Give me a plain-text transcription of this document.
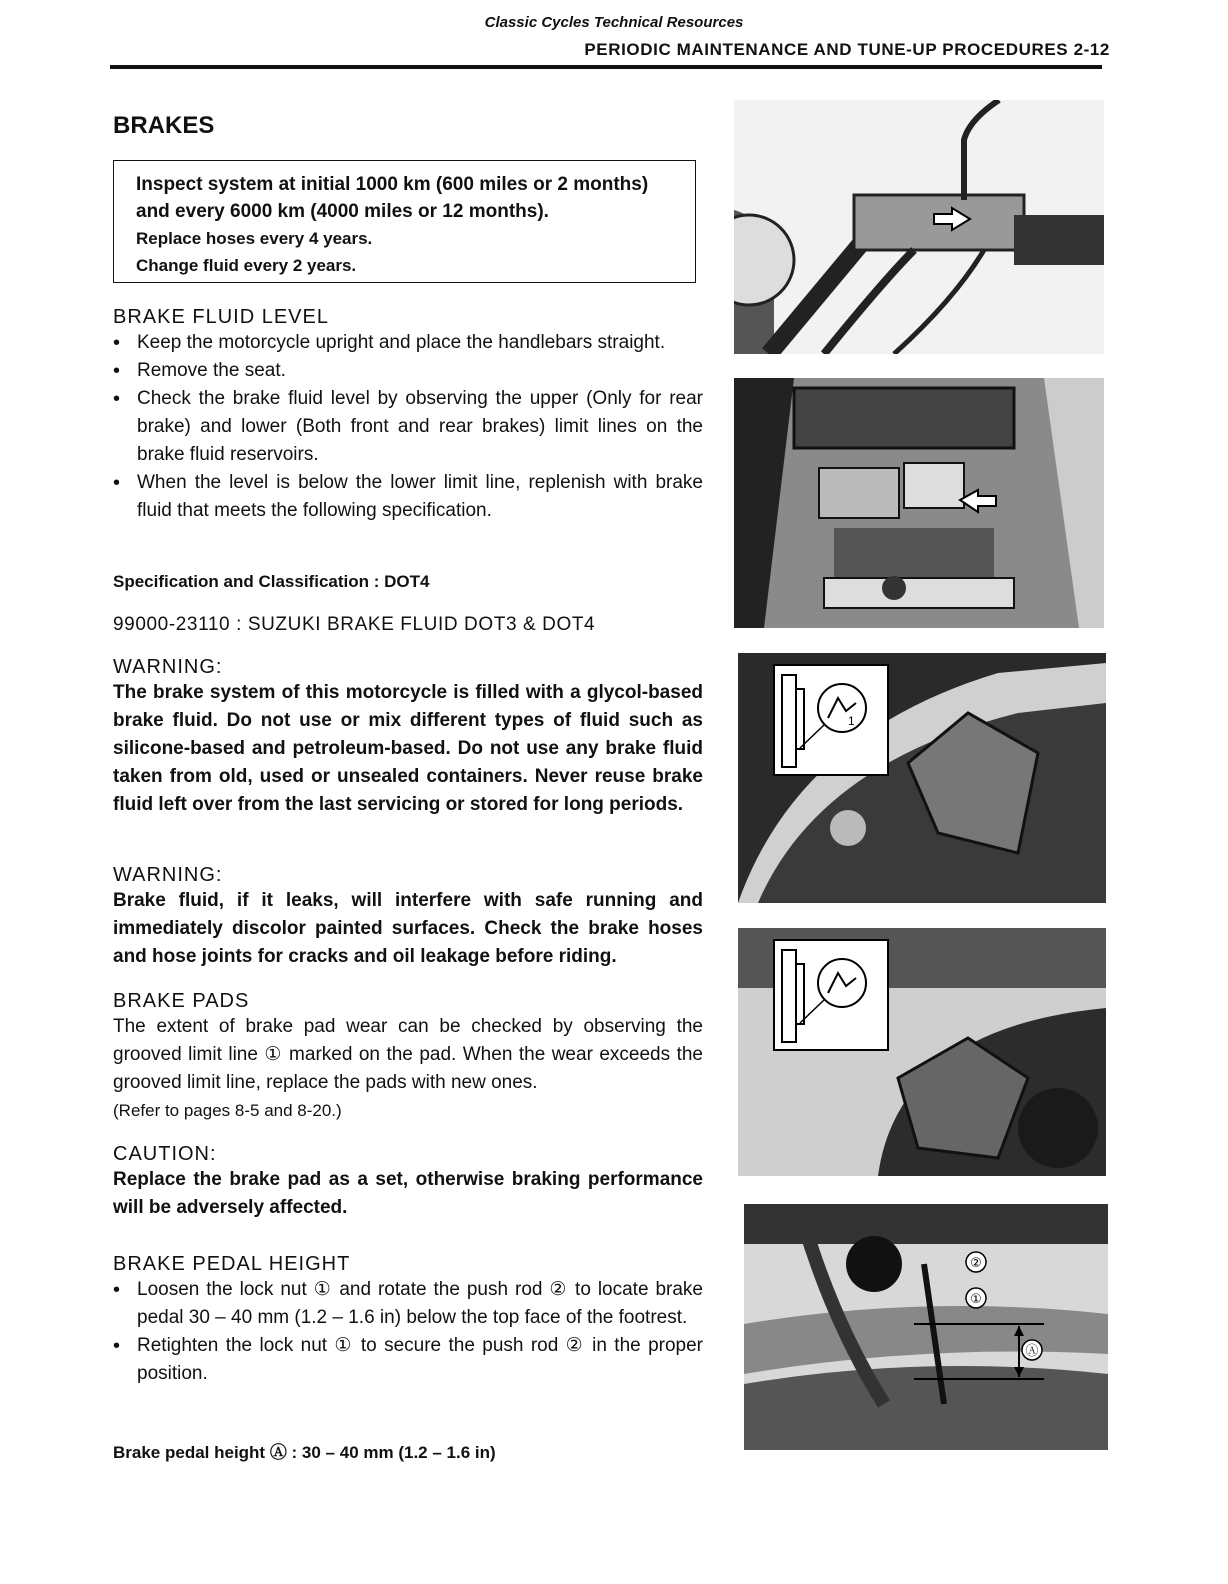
Classic Cycles Technical Resources
PERIODIC MAINTENANCE AND TUNE-UP PROCEDURES 2-12
BRAKES

Inspect system at initial 1000 km (600 miles or 2 months)

and every 6000 km (4000 miles or 12 months).

Replace hoses every 4 years.

Change fluid every 2 years.

BRAKE FLUID LEVEL

• Keep the motorcycle upright and place the handlebars straight.
• Remove the seat.
• Check the brake fluid level by observing the upper (Only for rear brake) and lower (Both front and rear brakes) limit lines on the brake fluid reservoirs.
• When the level is below the lower limit line, replenish with brake fluid that meets the following specification.

Specification and Classification : DOT4

99000-23110 : SUZUKI BRAKE FLUID DOT3 & DOT4

WARNING:

The brake system of this motorcycle is filled with a glycol-based brake fluid. Do not use or mix different types of fluid such as silicone-based and petroleum-based. Do not use any brake fluid taken from old, used or unsealed containers. Never reuse brake fluid left over from the last servicing or stored for long periods.

WARNING:

Brake fluid, if it leaks, will interfere with safe running and immediately discolor painted surfaces. Check the brake hoses and hose joints for cracks and oil leakage before riding.

BRAKE PADS

The extent of brake pad wear can be checked by observing the grooved limit line ① marked on the pad. When the wear exceeds the grooved limit line, replace the pads with new ones.

(Refer to pages 8-5 and 8-20.)

CAUTION:

Replace the brake pad as a set, otherwise braking performance will be adversely affected.

BRAKE PEDAL HEIGHT

• Loosen the lock nut ① and rotate the push rod ② to locate brake pedal 30 – 40 mm (1.2 – 1.6 in) below the top face of the footrest.
• Retighten the lock nut ① to secure the push rod ② in the proper position.

Brake pedal height Ⓐ : 30 – 40 mm (1.2 – 1.6 in)

1
②
①
Ⓐ
